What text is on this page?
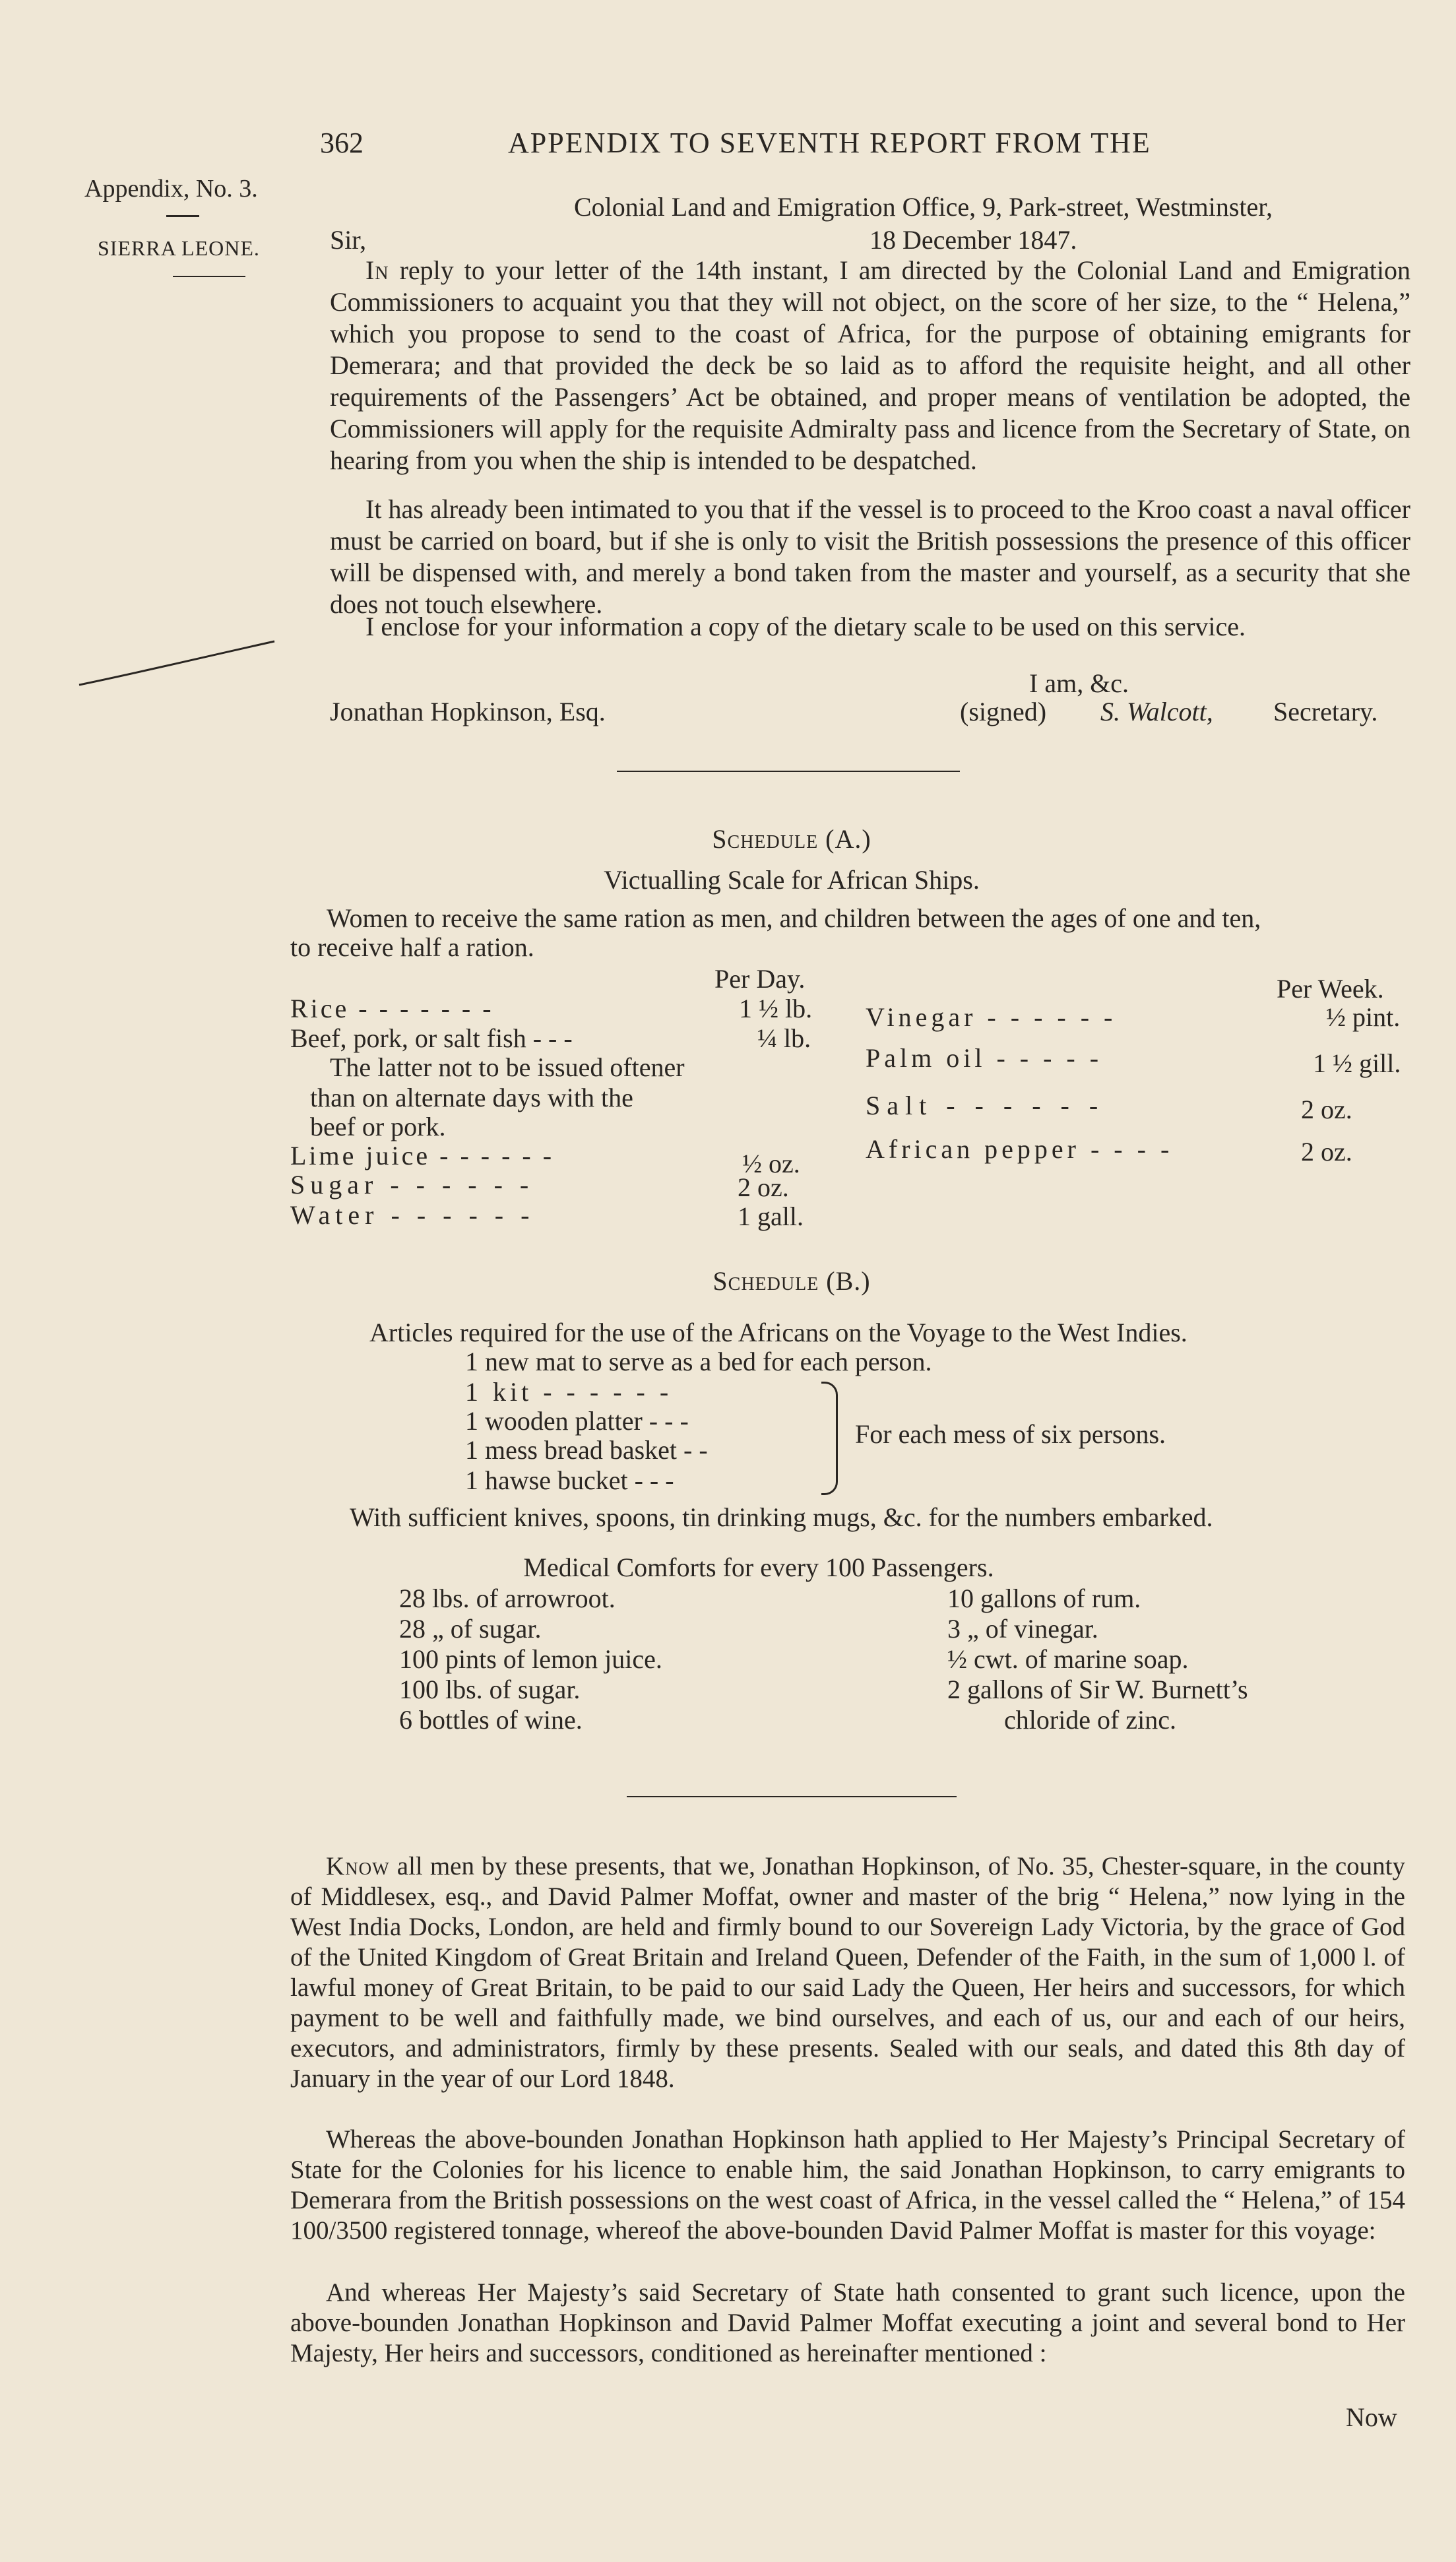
362	APPENDIX TO SEVENTH REPORT FROM THE
Appendix, No. 3.
SIERRA LEONE.
Colonial Land and Emigration Office, 9, Park-street, Westminster,
Sir,	18 December 1847.
In reply to your letter of the 14th instant, I am directed by the Colonial Land and Emigration Commissioners to acquaint you that they will not object, on the score of her size, to the “ Helena,” which you propose to send to the coast of Africa, for the purpose of obtaining emigrants for Demerara; and that provided the deck be so laid as to afford the requisite height, and all other requirements of the Passengers’ Act be obtained, and proper means of ventilation be adopted, the Commissioners will apply for the requisite Admiralty pass and licence from the Secretary of State, on hearing from you when the ship is intended to be despatched.
It has already been intimated to you that if the vessel is to proceed to the Kroo coast a naval officer must be carried on board, but if she is only to visit the British possessions the presence of this officer will be dispensed with, and merely a bond taken from the master and yourself, as a security that she does not touch elsewhere.
I enclose for your information a copy of the dietary scale to be used on this service.
I am, &c.
Jonathan Hopkinson, Esq.	(signed) S. Walcott, Secretary.
Schedule (A.)
Victualling Scale for African Ships.
Women to receive the same ration as men, and children between the ages of one and ten,
to receive half a ration.
Per Day.	Per Week.
Rice - - - - - - -	1 ½ lb.
Beef, pork, or salt fish - - -	¼ lb.
The latter not to be issued oftener
than on alternate days with the
beef or pork.
Lime juice - - - - - -	½ oz.
Sugar - - - - - -	2 oz.
Water - - - - - -	1 gall.
Vinegar - - - - - -	½ pint.
Palm oil - - - - -	1 ½ gill.
Salt - - - - - -	2 oz.
African pepper - - - -	2 oz.
Schedule (B.)
Articles required for the use of the Africans on the Voyage to the West Indies.
1 new mat to serve as a bed for each person.
1 kit - - - - - -
1 wooden platter - - -
1 mess bread basket - -
1 hawse bucket - - -
For each mess of six persons.
With sufficient knives, spoons, tin drinking mugs, &c. for the numbers embarked.
Medical Comforts for every 100 Passengers.
28 lbs. of arrowroot.
28 „ of sugar.
100 pints of lemon juice.
100 lbs. of sugar.
6 bottles of wine.
10 gallons of rum.
3 „ of vinegar.
½ cwt. of marine soap.
2 gallons of Sir W. Burnett’s
chloride of zinc.
Know all men by these presents, that we, Jonathan Hopkinson, of No. 35, Chester-square, in the county of Middlesex, esq., and David Palmer Moffat, owner and master of the brig “ Helena,” now lying in the West India Docks, London, are held and firmly bound to our Sovereign Lady Victoria, by the grace of God of the United Kingdom of Great Britain and Ireland Queen, Defender of the Faith, in the sum of 1,000 l. of lawful money of Great Britain, to be paid to our said Lady the Queen, Her heirs and successors, for which payment to be well and faithfully made, we bind ourselves, and each of us, our and each of our heirs, executors, and administrators, firmly by these presents. Sealed with our seals, and dated this 8th day of January in the year of our Lord 1848.
Whereas the above-bounden Jonathan Hopkinson hath applied to Her Majesty’s Principal Secretary of State for the Colonies for his licence to enable him, the said Jonathan Hopkinson, to carry emigrants to Demerara from the British possessions on the west coast of Africa, in the vessel called the “ Helena,” of 154 100/3500 registered tonnage, whereof the above-bounden David Palmer Moffat is master for this voyage:
And whereas Her Majesty’s said Secretary of State hath consented to grant such licence, upon the above-bounden Jonathan Hopkinson and David Palmer Moffat executing a joint and several bond to Her Majesty, Her heirs and successors, conditioned as hereinafter mentioned :
Now
